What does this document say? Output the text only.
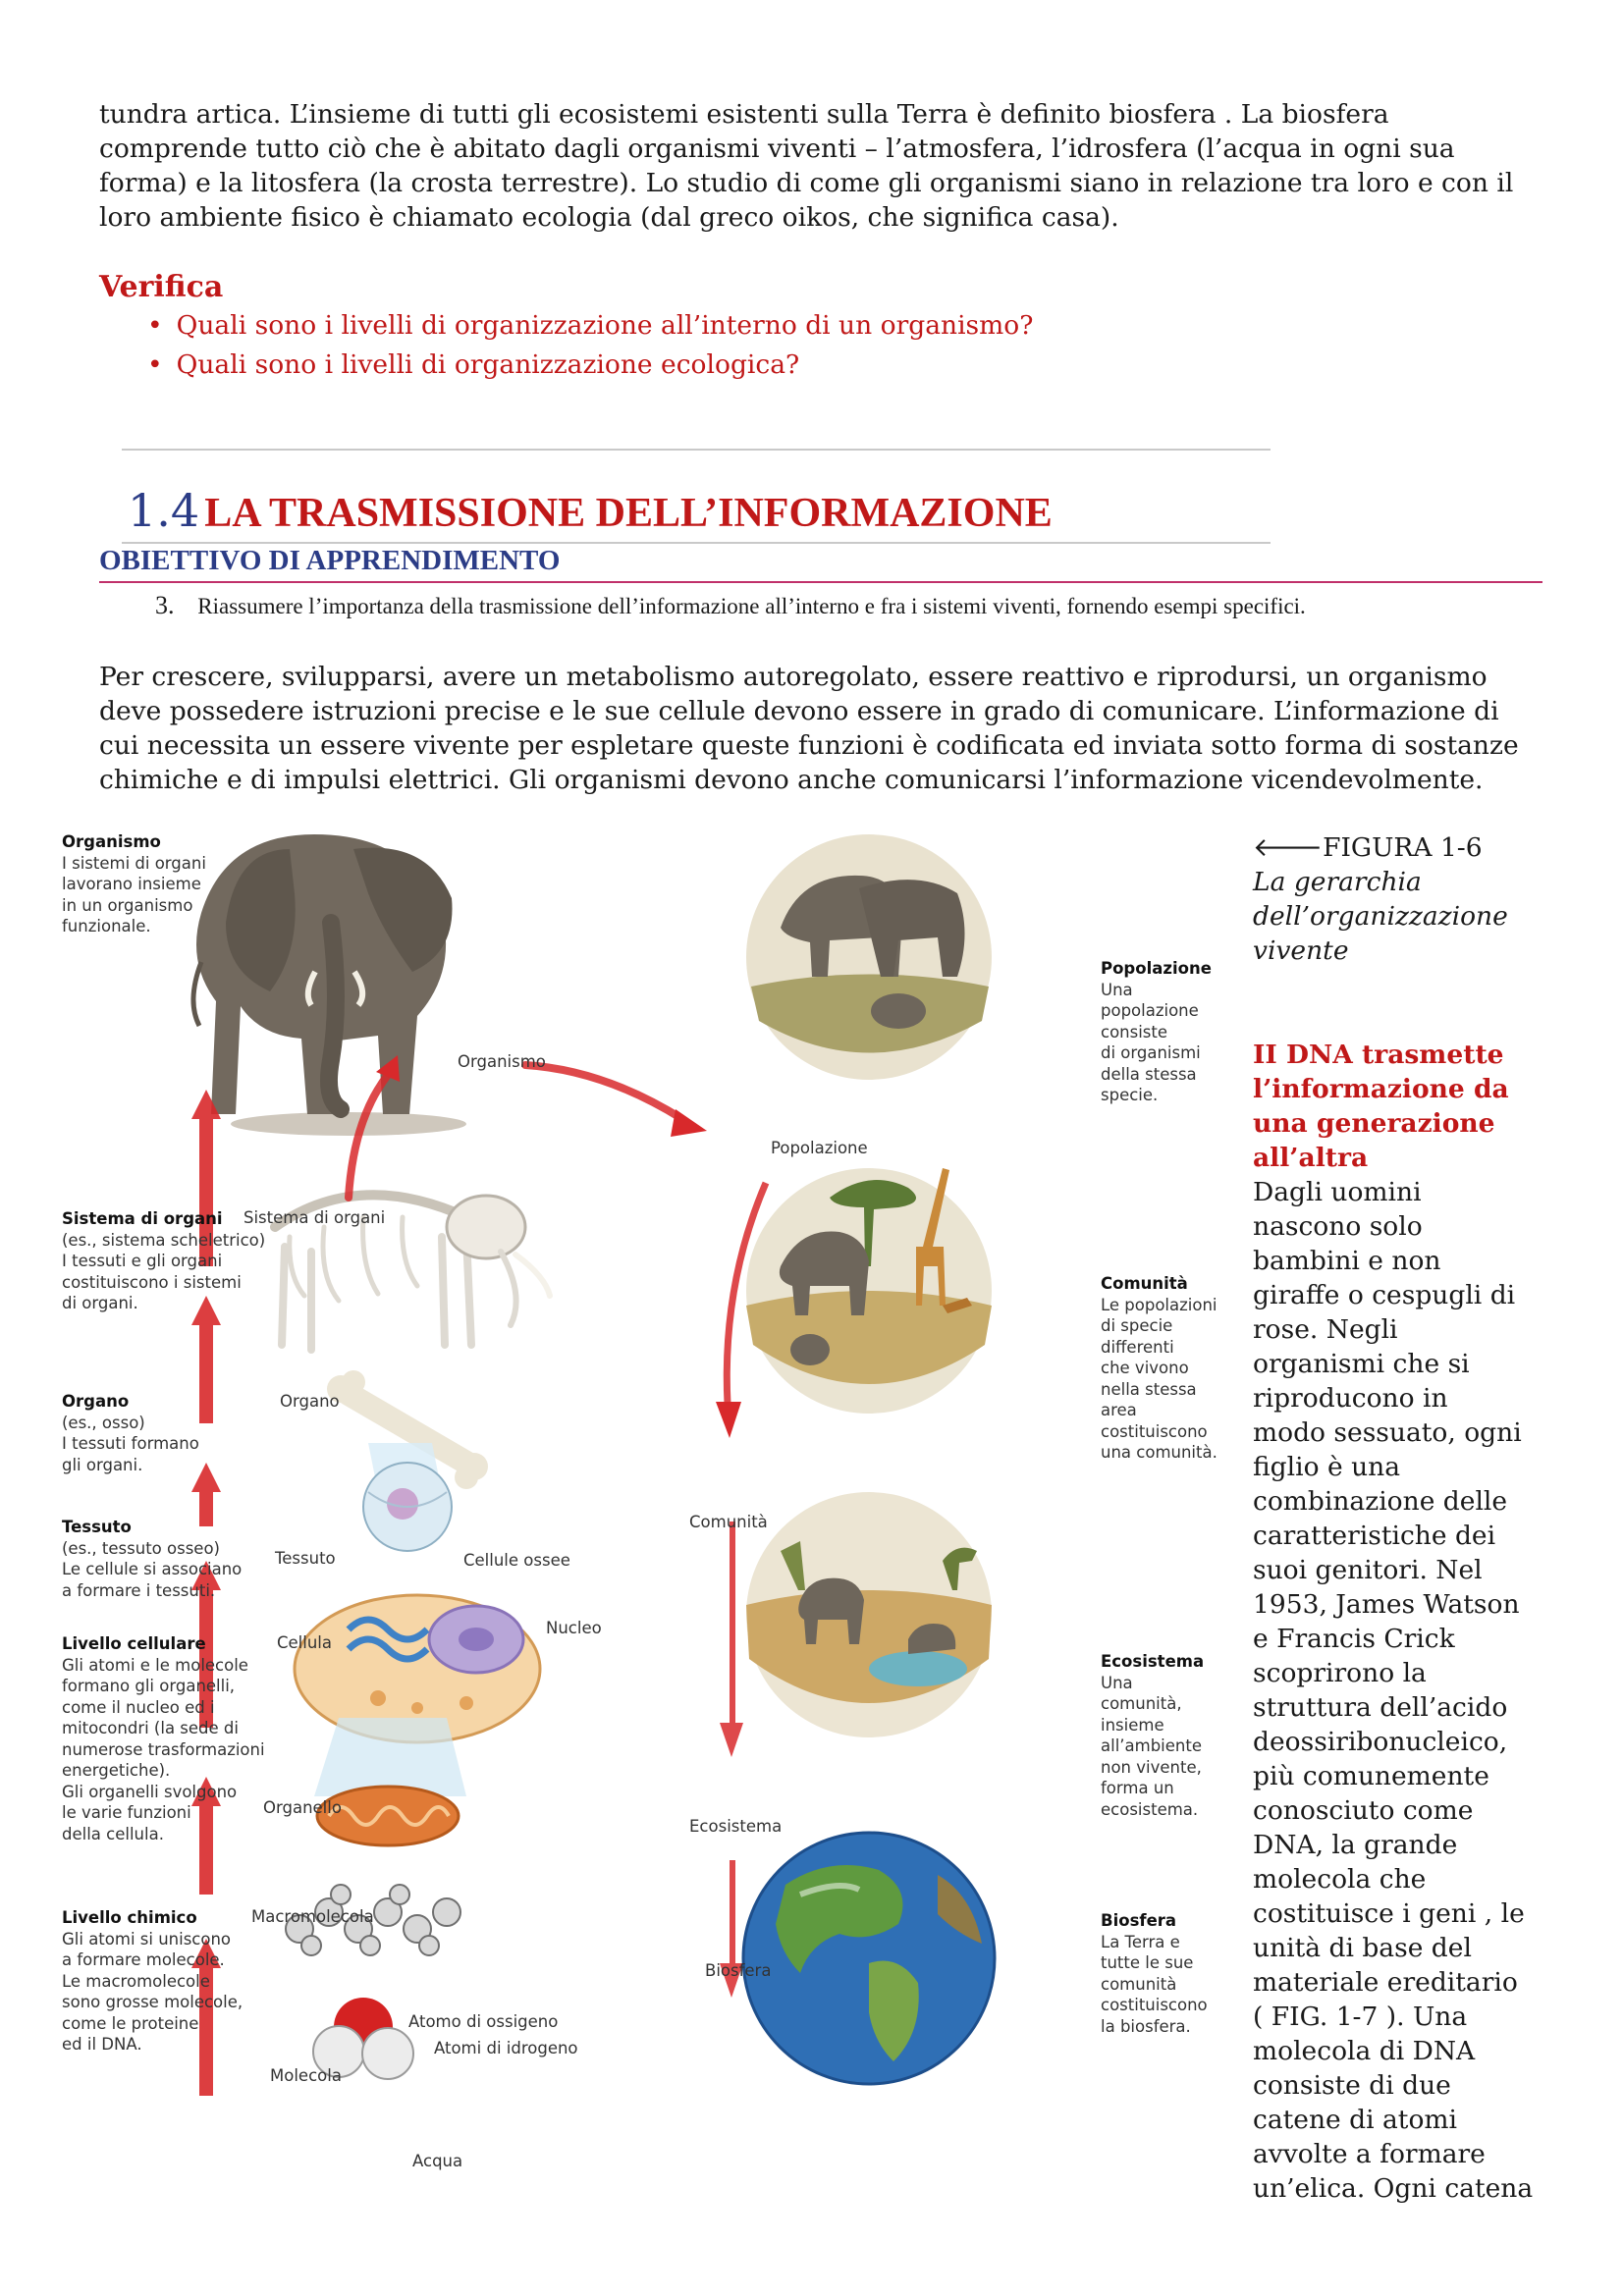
tundra artica. L’insieme di tutti gli ecosistemi esistenti sulla Terra è definito biosfera . La biosfera
comprende tutto ciò che è abitato dagli organismi viventi – l’atmosfera, l’idrosfera (l’acqua in ogni sua
forma) e la litosfera (la crosta terrestre). Lo studio di come gli organismi siano in relazione tra loro e con il
loro ambiente fisico è chiamato ecologia (dal greco oikos, che significa casa).
Verifica
• Quali sono i livelli di organizzazione all’interno di un organismo?
• Quali sono i livelli di organizzazione ecologica?
1.4 LA TRASMISSIONE DELL’INFORMAZIONE
OBIETTIVO DI APPRENDIMENTO
3. Riassumere l’importanza della trasmissione dell’informazione all’interno e fra i sistemi viventi, fornendo esempi specifici.
Per crescere, svilupparsi, avere un metabolismo autoregolato, essere reattivo e riprodursi, un organismo
deve possedere istruzioni precise e le sue cellule devono essere in grado di comunicare. L’informazione di
cui necessita un essere vivente per espletare queste funzioni è codificata ed inviata sotto forma di sostanze
chimiche e di impulsi elettrici. Gli organismi devono anche comunicarsi l’informazione vicendevolmente.
Organismo
I sistemi di organi
lavorano insieme
in un organismo
funzionale.
Sistema di organi
(es., sistema scheletrico)
I tessuti e gli organi
costituiscono i sistemi
di organi.
Organo
(es., osso)
I tessuti formano
gli organi.
Tessuto
(es., tessuto osseo)
Le cellule si associano
a formare i tessuti.
Livello cellulare
Gli atomi e le molecole
formano gli organelli,
come il nucleo ed i
mitocondri (la sede di
numerose trasformazioni
energetiche).
Gli organelli svolgono
le varie funzioni
della cellula.
Livello chimico
Gli atomi si uniscono
a formare molecole.
Le macromolecole
sono grosse molecole,
come le proteine
ed il DNA.
Popolazione
Una
popolazione
consiste
di organismi
della stessa
specie.
Comunità
Le popolazioni
di specie
differenti
che vivono
nella stessa
area
costituiscono
una comunità.
Ecosistema
Una
comunità,
insieme
all’ambiente
non vivente,
forma un
ecosistema.
Biosfera
La Terra e
tutte le sue
comunità
costituiscono
la biosfera.
Organismo
Sistema di organi
Organo
Tessuto	Cellule ossee
Nucleo
Cellula
Organello
Macromolecola
Atomo di ossigeno
Atomi di idrogeno
Molecola
Acqua
Popolazione
Comunità
Ecosistema
Biosfera
🡐FIGURA 1-6
La gerarchia
dell’organizzazione
vivente
II DNA trasmette
l’informazione da
una generazione
all’altra
Dagli uomini
nascono solo
bambini e non
giraffe o cespugli di
rose. Negli
organismi che si
riproducono in
modo sessuato, ogni
figlio è una
combinazione delle
caratteristiche dei
suoi genitori. Nel
1953, James Watson
e Francis Crick
scoprirono la
struttura dell’acido
deossiribonucleico,
più comunemente
conosciuto come
DNA, la grande
molecola che
costituisce i geni , le
unità di base del
materiale ereditario
( FIG. 1-7 ). Una
molecola di DNA
consiste di due
catene di atomi
avvolte a formare
un’elica. Ogni catena
